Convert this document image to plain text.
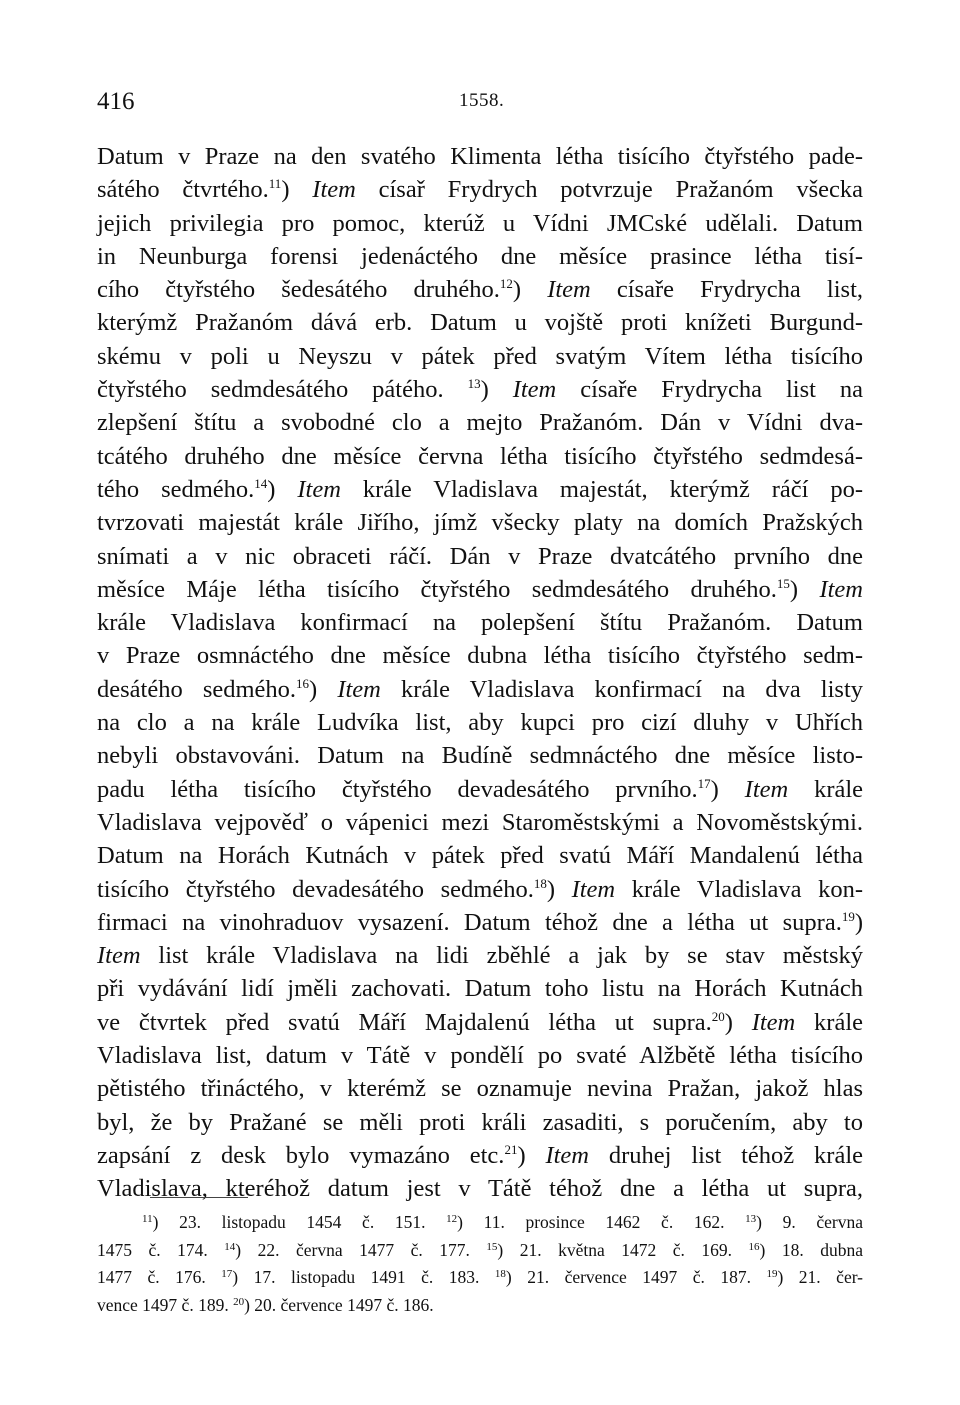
416	1558.
Datum v Praze na den svatého Klimenta létha tisícího čtyřstého pade-
sátého čtvrtého.$^{11}$) Item císař Frydrych potvrzuje Pražanóm všecka
jejich privilegia pro pomoc, kterúž u Vídni JMCské udělali. Datum
in Neunburga forensi jedenáctého dne měsíce prasince létha tisí-
cího čtyřstého šedesátého druhého.$^{12}$) Item císaře Frydrycha list,
kterýmž Pražanóm dává erb. Datum u vojště proti knížeti Burgund-
skému v poli u Neyszu v pátek před svatým Vítem létha tisícího
čtyřstého sedmdesátého pátého. $^{13}$) Item císaře Frydrycha list na
zlepšení štítu a svobodné clo a mejto Pražanóm. Dán v Vídni dva-
tcátého druhého dne měsíce června létha tisícího čtyřstého sedmdesá-
tého sedmého.$^{14}$) Item krále Vladislava majestát, kterýmž ráčí po-
tvrzovati majestát krále Jiřího, jímž všecky platy na domích Pražských
snímati a v nic obraceti ráčí. Dán v Praze dvatcátého prvního dne
měsíce Máje létha tisícího čtyřstého sedmdesátého druhého.$^{15}$) Item
krále Vladislava konfirmací na polepšení štítu Pražanóm. Datum
v Praze osmnáctého dne měsíce dubna létha tisícího čtyřstého sedm-
desátého sedmého.$^{16}$) Item krále Vladislava konfirmací na dva listy
na clo a na krále Ludvíka list, aby kupci pro cizí dluhy v Uhřích
nebyli obstavováni. Datum na Budíně sedmnáctého dne měsíce listo-
padu létha tisícího čtyřstého devadesátého prvního.$^{17}$) Item krále
Vladislava vejpověď o vápenici mezi Staroměstskými a Novoměstskými.
Datum na Horách Kutnách v pátek před svatú Máří Mandalenú létha
tisícího čtyřstého devadesátého sedmého.$^{18}$) Item krále Vladislava kon-
firmaci na vinohraduov vysazení. Datum téhož dne a létha ut supra.$^{19}$)
Item list krále Vladislava na lidi zběhlé a jak by se stav městský
při vydávání lidí jměli zachovati. Datum toho listu na Horách Kutnách
ve čtvrtek před svatú Máří Majdalenú létha ut supra.$^{20}$) Item krále
Vladislava list, datum v Tátě v pondělí po svaté Alžbětě létha tisícího
pětistého třináctého, v kterémž se oznamuje nevina Pražan, jakož hlas
byl, že by Pražané se měli proti králi zasaditi, s poručením, aby to
zapsání z desk bylo vymazáno etc.$^{21}$) Item druhej list téhož krále
Vladislava, kteréhož datum jest v Tátě téhož dne a létha ut supra,
$^{11}$) 23. listopadu 1454 č. 151. $^{12}$) 11. prosince 1462 č. 162. $^{13}$) 9. června
1475 č. 174. $^{14}$) 22. června 1477 č. 177. $^{15}$) 21. května 1472 č. 169. $^{16}$) 18. dubna
1477 č. 176. $^{17}$) 17. listopadu 1491 č. 183. $^{18}$) 21. července 1497 č. 187. $^{19}$) 21. čer-
vence 1497 č. 189. $^{20}$) 20. července 1497 č. 186.
